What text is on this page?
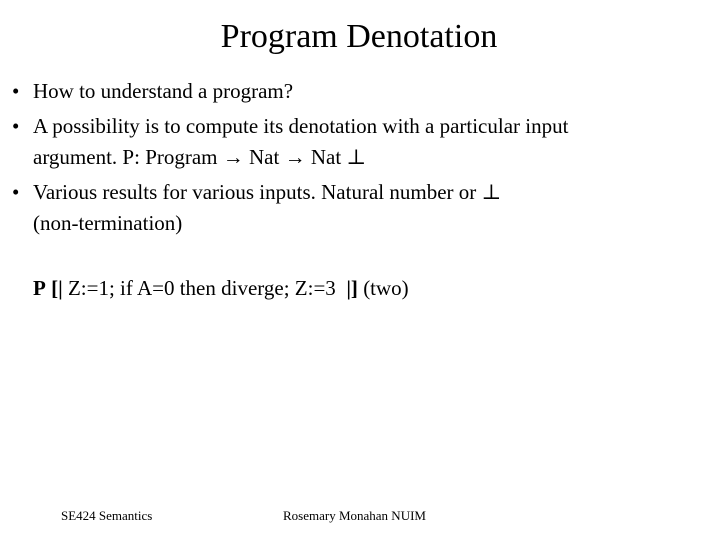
Program Denotation
• How to understand a program?
• A possibility is to compute its denotation with a particular input
argument. P: Program → Nat → Nat ⊥
• Various results for various inputs. Natural number or ⊥
(non-termination)
P [| Z:=1; if A=0 then diverge; Z:=3 |] (two)
SE424 Semantics	Rosemary Monahan NUIM
